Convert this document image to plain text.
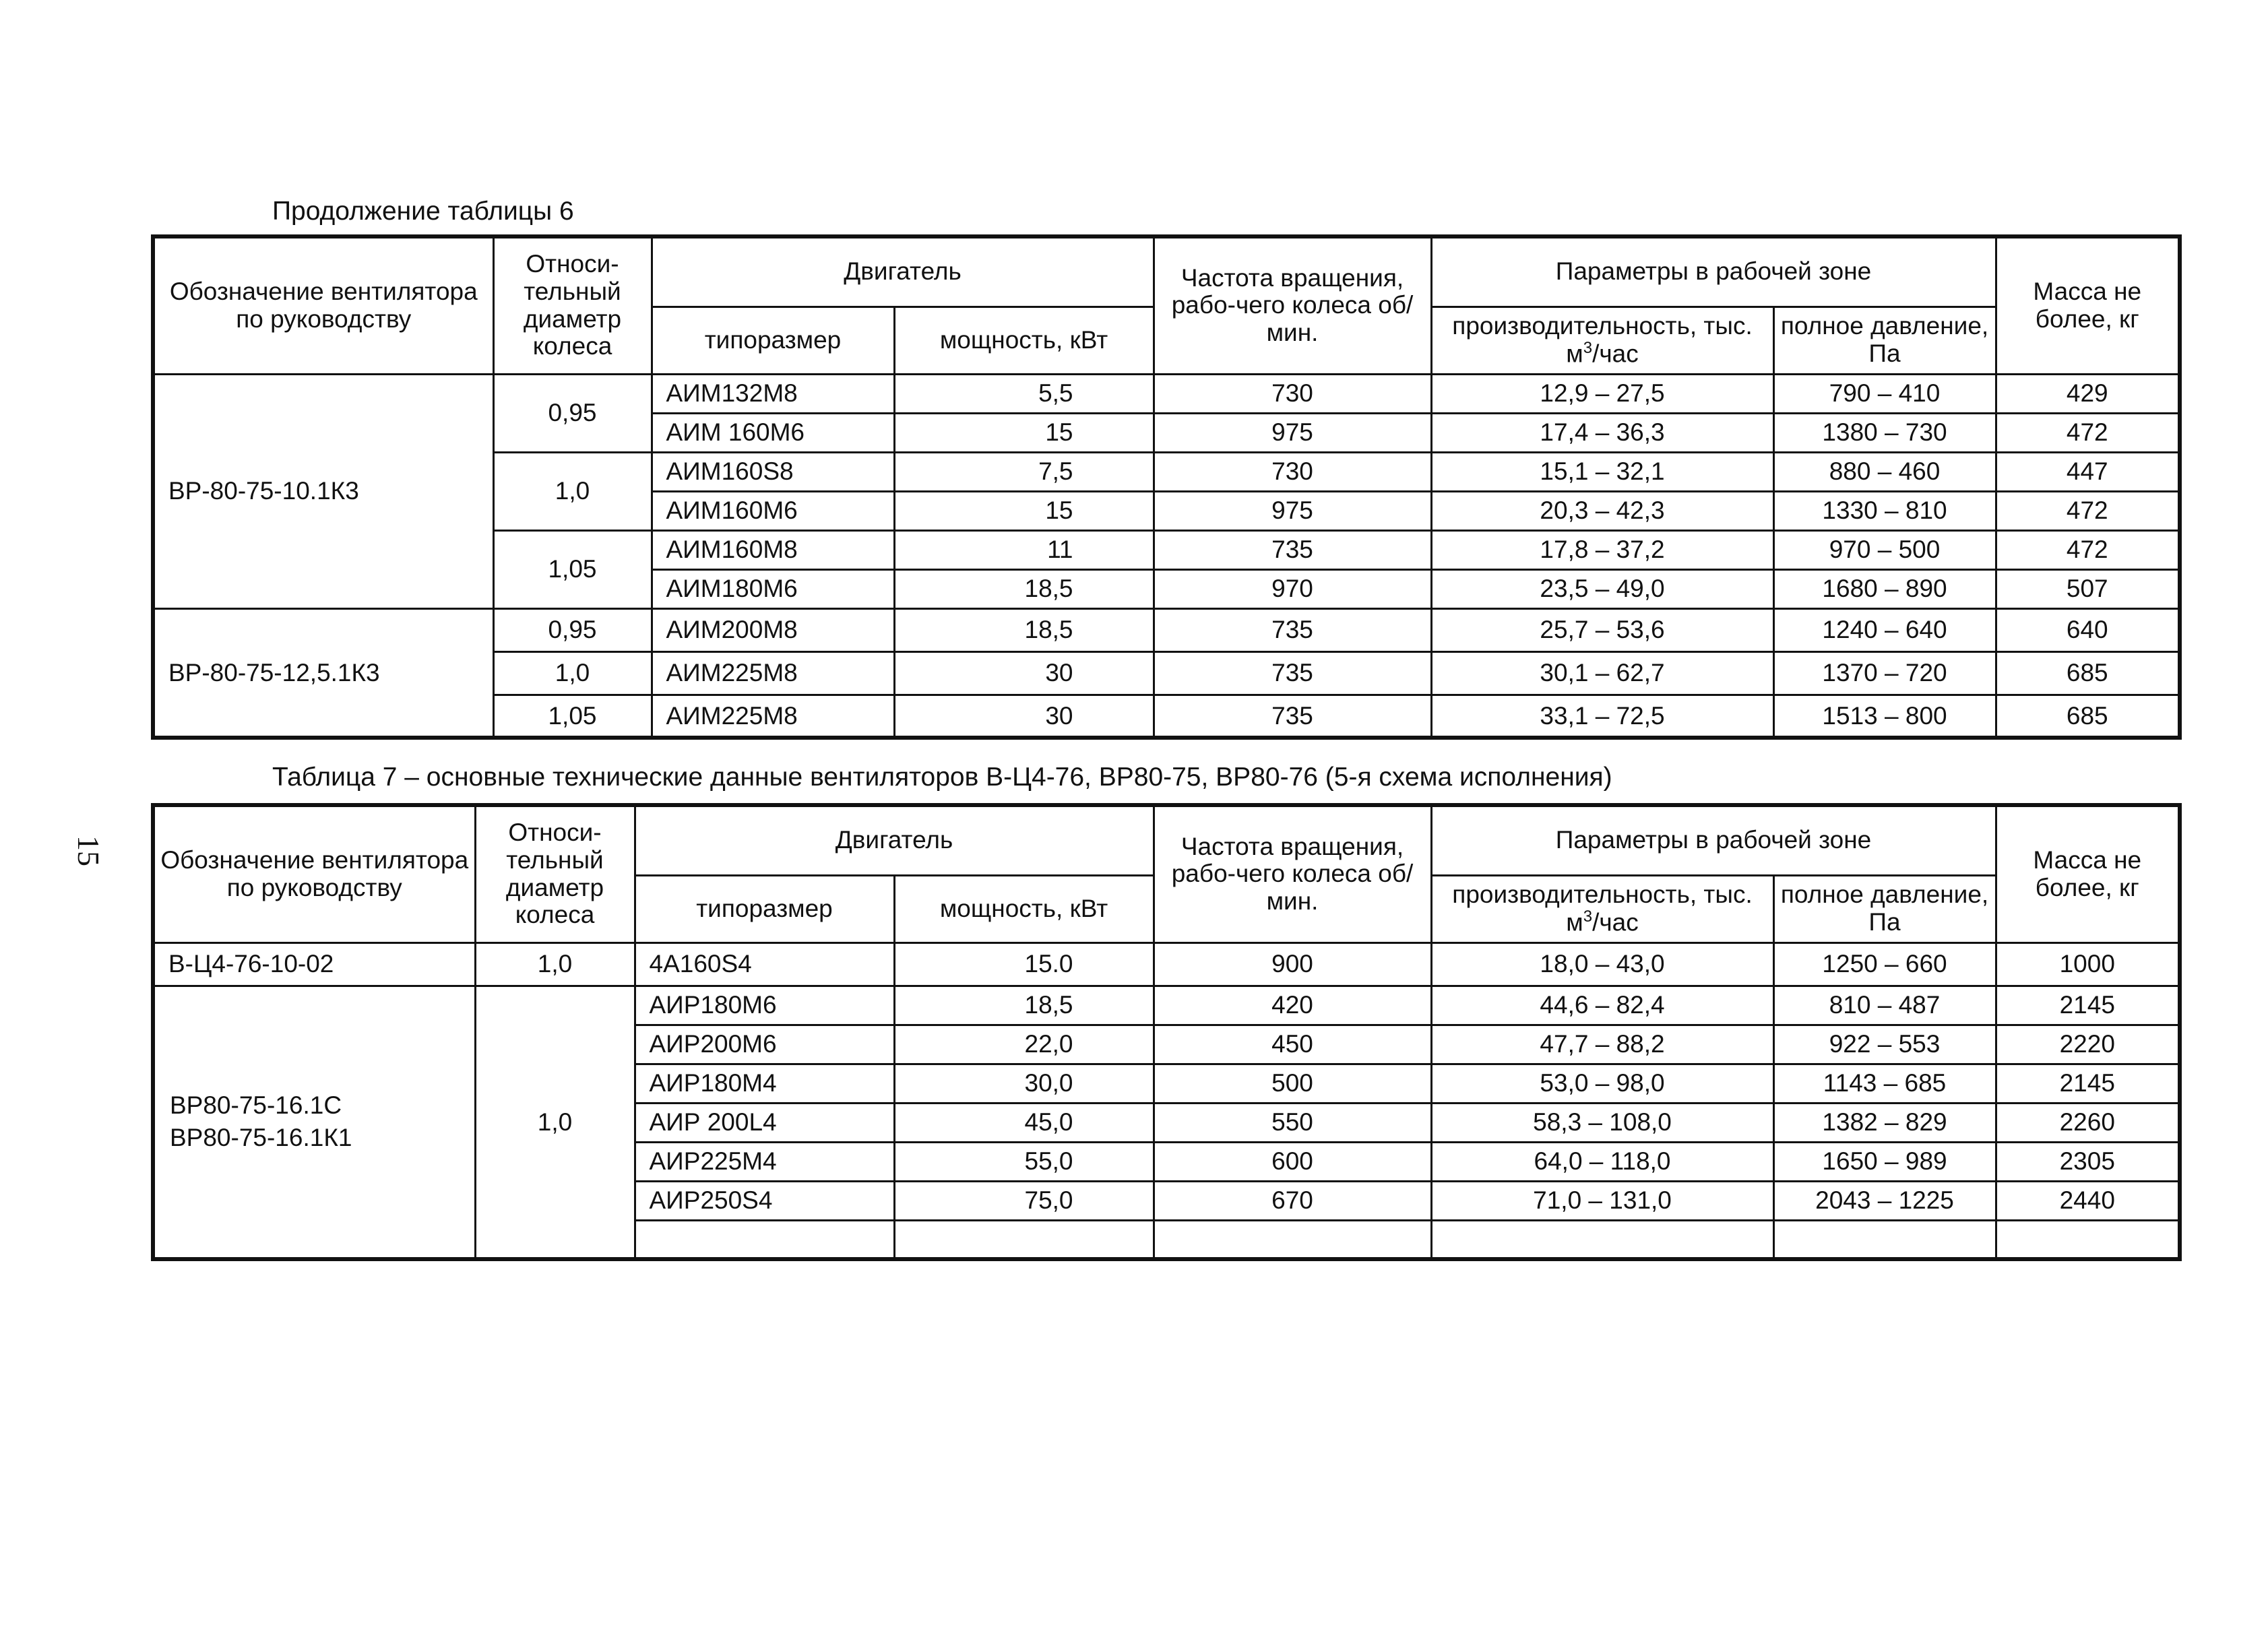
15
Продолжение таблицы 6
Обозначение вентилятора по руководству	Относи-тельный диаметр колеса	Двигатель		Частота вращения, рабо-чего колеса об/мин.	Параметры в рабочей зоне		Масса не более, кг
		типоразмер	мощность, кВт		производительность, тыс. $м^3$/час	полное давление, Па	
ВР-80-75-10.1К3	0,95	АИМ132М8	5,5	730	12,9 – 27,5	790 – 410	429
		АИМ 160М6	15	975	17,4 – 36,3	1380 – 730	472
	1,0	АИМ160S8	7,5	730	15,1 – 32,1	880 – 460	447
		АИМ160М6	15	975	20,3 – 42,3	1330 – 810	472
	1,05	АИМ160М8	11	735	17,8 – 37,2	970 – 500	472
		АИМ180М6	18,5	970	23,5 – 49,0	1680 – 890	507
ВР-80-75-12,5.1К3	0,95	АИМ200М8	18,5	735	25,7 – 53,6	1240 – 640	640
	1,0	АИМ225М8	30	735	30,1 – 62,7	1370 – 720	685
	1,05	АИМ225М8	30	735	33,1 – 72,5	1513 – 800	685
Таблица 7 – основные технические данные вентиляторов В-Ц4-76, ВР80-75, ВР80-76 (5-я схема исполнения)
Обозначение вентилятора по руководству	Относи-тельный диаметр колеса	Двигатель		Частота вращения, рабо-чего колеса об/мин.	Параметры в рабочей зоне		Масса не более, кг
		типоразмер	мощность, кВт		производительность, тыс. $м^3$/час	полное давление, Па	
В-Ц4-76-10-02	1,0	4А160S4	15.0	900	18,0 – 43,0	1250 – 660	1000
ВР80-75-16.1С
ВР80-75-16.1К1	1,0	АИР180М6	18,5	420	44,6 – 82,4	810 – 487	2145
		АИР200М6	22,0	450	47,7 – 88,2	922 – 553	2220
		АИР180М4	30,0	500	53,0 – 98,0	1143 – 685	2145
		АИР 200L4	45,0	550	58,3 – 108,0	1382 – 829	2260
		АИР225М4	55,0	600	64,0 – 118,0	1650 – 989	2305
		АИР250S4	75,0	670	71,0 – 131,0	2043 – 1225	2440
